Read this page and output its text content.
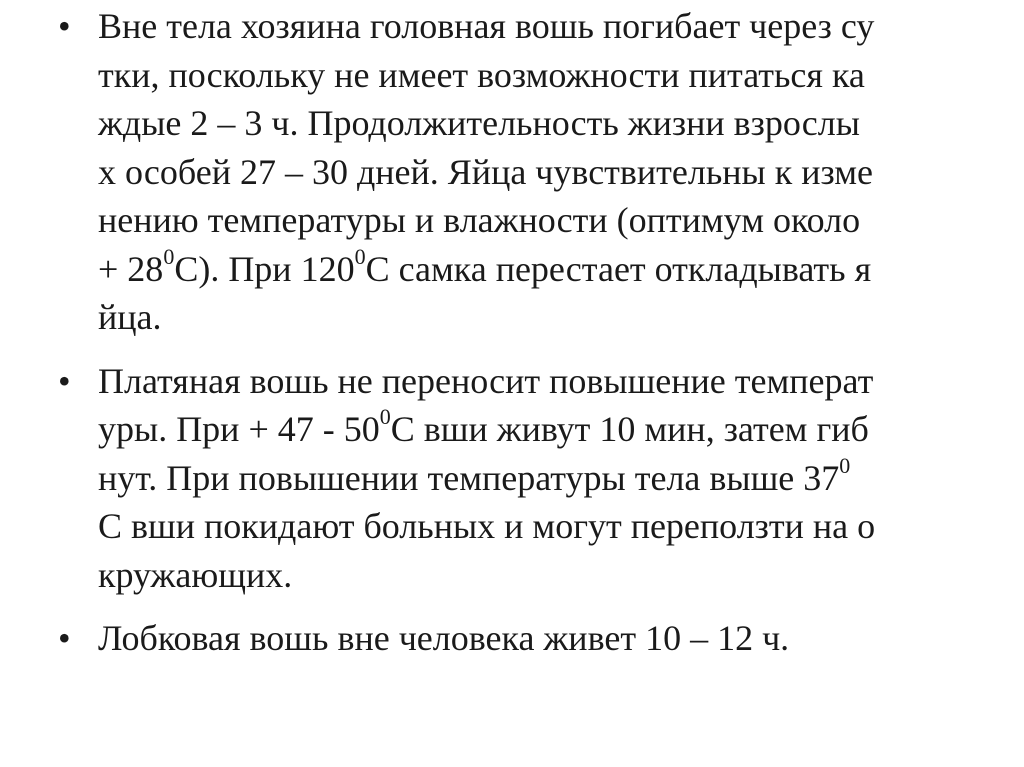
• Вне тела хозяина головная вошь погибает через су
тки, поскольку не имеет возможности питаться ка
ждые 2 – 3 ч. Продолжительность жизни взрослы
х особей 27 – 30 дней. Яйца чувствительны к изме
нению температуры и влажности (оптимум около
+ $28^0С$). При $120^0С$ самка перестает откладывать я
йца.
• Платяная вошь не переносит повышение температ
уры. При + $47 - 50^0С$ вши живут 10 мин, затем гиб
нут. При повышении температуры тела выше $37^0$
С вши покидают больных и могут переползти на о
кружающих.
• Лобковая вошь вне человека живет 10 – 12 ч.
